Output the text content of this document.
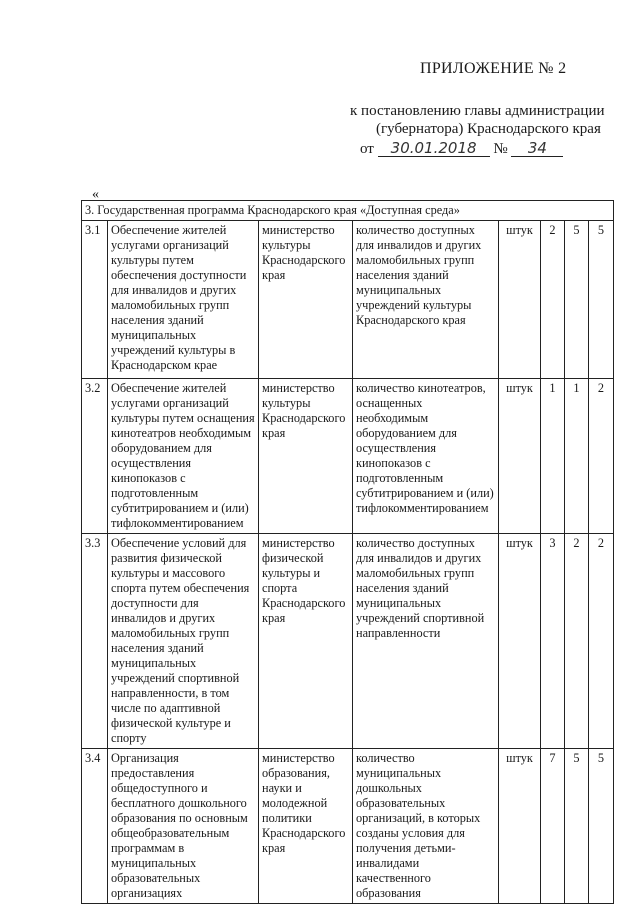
ПРИЛОЖЕНИЕ № 2
к постановлению главы администрации
(губернатора) Краснодарского края
от 30.01.2018 № 34
«
3. Государственная программа Краснодарского края «Доступная среда»							
3.1	Обеспечение жителей услугами организаций культуры путем обеспечения доступности для инвалидов и других маломобильных групп населения зданий муниципальных учреждений культуры в Краснодарском крае	министерство культуры Краснодарского края	количество доступных для инвалидов и других маломобильных групп населения зданий муниципальных учреждений культуры Краснодарского края	штук	2	5	5
3.2	Обеспечение жителей услугами организаций культуры путем оснащения кинотеатров необходимым оборудованием для осуществления кинопоказов с подготовленным субтитрированием и (или) тифлокомментированием	министерство культуры Краснодарского края	количество кинотеатров, оснащенных необходимым оборудованием для осуществления кинопоказов с подготовленным субтитрированием и (или) тифлокомментированием	штук	1	1	2
3.3	Обеспечение условий для развития физической культуры и массового спорта путем обеспечения доступности для инвалидов и других маломобильных групп населения зданий муниципальных учреждений спортивной направленности, в том числе по адаптивной физической культуре и спорту	министерство физической культуры и спорта Краснодарского края	количество доступных для инвалидов и других маломобильных групп населения зданий муниципальных учреждений спортивной направленности	штук	3	2	2
3.4	Организация предоставления общедоступного и бесплатного дошкольного образования по основным общеобразовательным программам в муниципальных образовательных организациях	министерство образования, науки и молодежной политики Краснодарского края	количество муниципальных дошкольных образовательных организаций, в которых созданы условия для получения детьми-инвалидами качественного образования	штук	7	5	5
